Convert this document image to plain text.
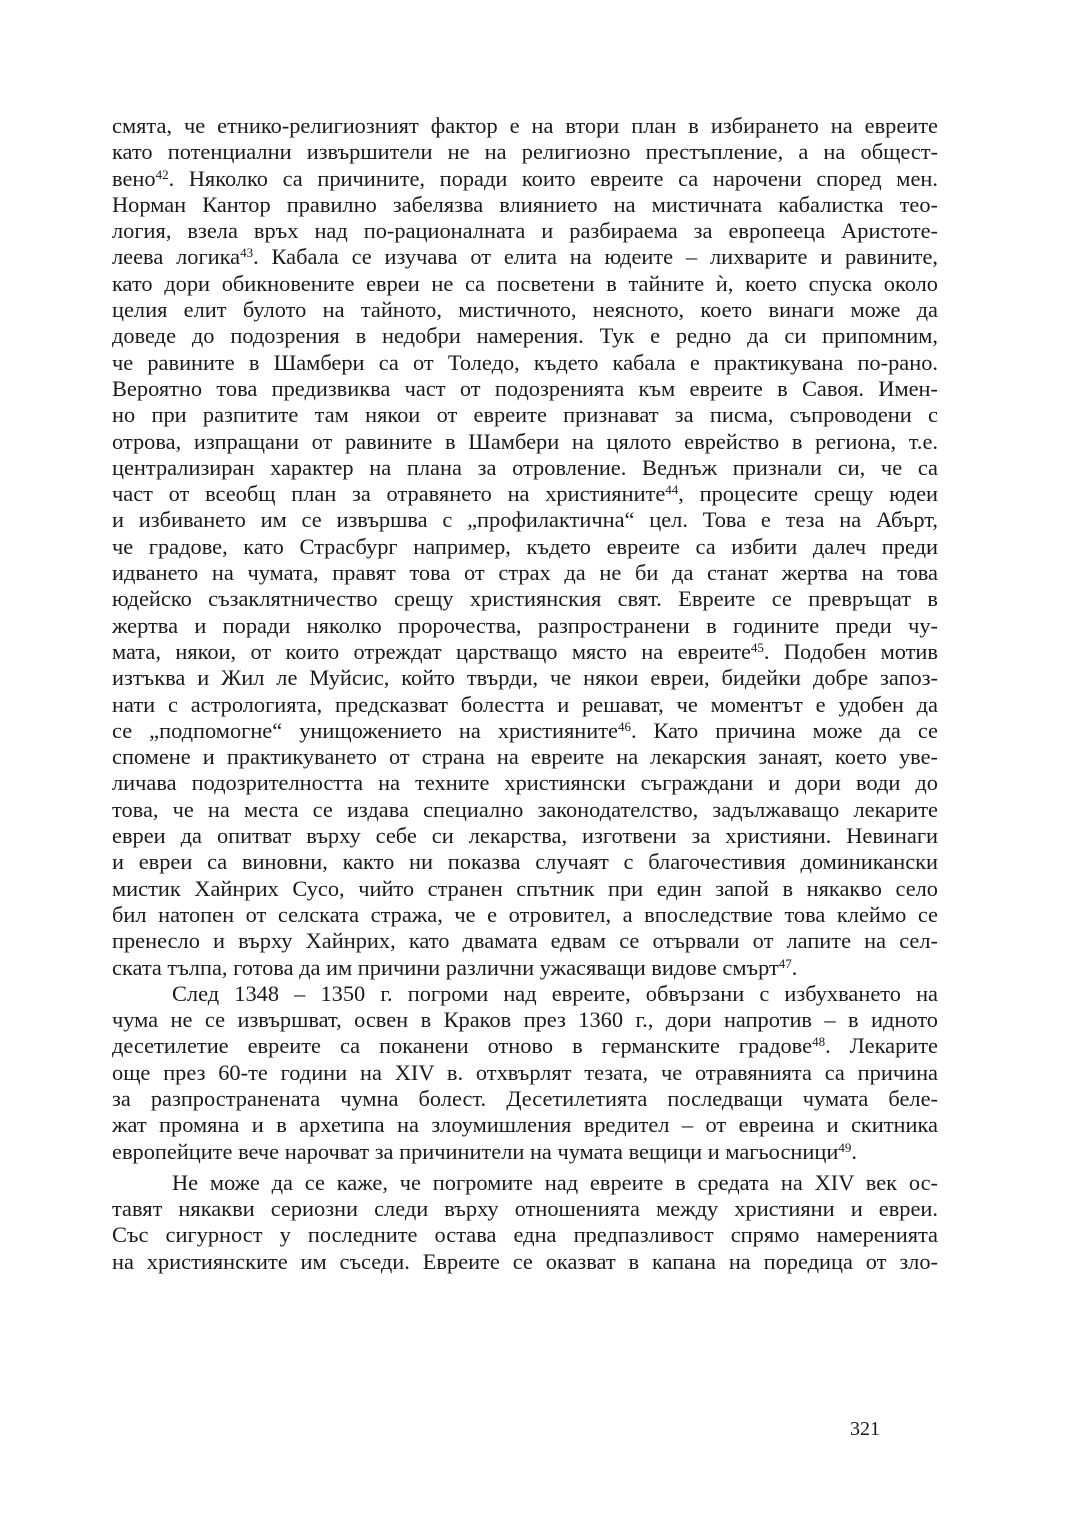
смята, че етнико-религиозният фактор е на втори план в избирането на евреите
като потенциални извършители не на религиозно престъпление, а на общест-
вено$^{42}$. Няколко са причините, поради които евреите са нарочени според мен.
Норман Кантор правилно забелязва влиянието на мистичната кабалистка тео-
логия, взела връх над по-рационалната и разбираема за европееца Аристоте-
леева логика$^{43}$. Кабала се изучава от елита на юдеите – лихварите и равините,
като дори обикновените евреи не са посветени в тайните ѝ, което спуска около
целия елит булото на тайното, мистичното, неясното, което винаги може да
доведе до подозрения в недобри намерения. Тук е редно да си припомним,
че равините в Шамбери са от Толедо, където кабала е практикувана по-рано.
Вероятно това предизвиква част от подозренията към евреите в Савоя. Имен-
но при разпитите там някои от евреите признават за писма, съпроводени с
отрова, изпращани от равините в Шамбери на цялото еврейство в региона, т.е.
централизиран характер на плана за отровление. Веднъж признали си, че са
част от всеобщ план за отравянето на християните$^{44}$, процесите срещу юдеи
и избиването им се извършва с „профилактична“ цел. Това е теза на Абърт,
че градове, като Страсбург например, където евреите са избити далеч преди
идването на чумата, правят това от страх да не би да станат жертва на това
юдейско съзаклятничество срещу християнския свят. Евреите се превръщат в
жертва и поради няколко пророчества, разпространени в годините преди чу-
мата, някои, от които отреждат царстващо място на евреите$^{45}$. Подобен мотив
изтъква и Жил ле Муйсис, който твърди, че някои евреи, бидейки добре запоз-
нати с астрологията, предсказват болестта и решават, че моментът е удобен да
се „подпомогне“ унищожението на християните$^{46}$. Като причина може да се
спомене и практикуването от страна на евреите на лекарския занаят, което уве-
личава подозрителността на техните християнски съграждани и дори води до
това, че на места се издава специално законодателство, задължаващо лекарите
евреи да опитват върху себе си лекарства, изготвени за християни. Невинаги
и евреи са виновни, както ни показва случаят с благочестивия доминикански
мистик Хайнрих Сусо, чийто странен спътник при един запой в някакво село
бил натопен от селската стража, че е отровител, а впоследствие това клеймо се
пренесло и върху Хайнрих, като двамата едвам се отървали от лапите на сел-
ската тълпа, готова да им причини различни ужасяващи видове смърт$^{47}$.
След 1348 – 1350 г. погроми над евреите, обвързани с избухването на
чума не се извършват, освен в Краков през 1360 г., дори напротив – в идното
десетилетие евреите са поканени отново в германските градове$^{48}$. Лекарите
още през 60-те години на XIV в. отхвърлят тезата, че отравянията са причина
за разпространената чумна болест. Десетилетията последващи чумата беле-
жат промяна и в архетипа на злоумишления вредител – от евреина и скитника
европейците вече нарочват за причинители на чумата вещици и магьосници$^{49}$.
Не може да се каже, че погромите над евреите в средата на XIV век ос-
тавят някакви сериозни следи върху отношенията между християни и евреи.
Със сигурност у последните остава една предпазливост спрямо намеренията
на християнските им съседи. Евреите се оказват в капана на поредица от зло-
321
